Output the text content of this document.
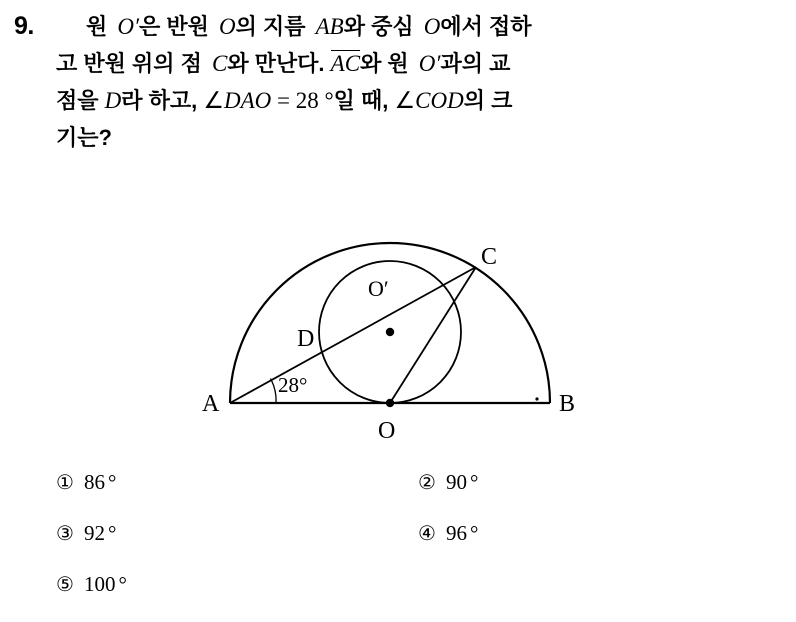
9.	원 O′은 반원 O의 지름 AB와 중심 O에서 접하
고 반원 위의 점 C와 만난다. AC와 원 O′과의 교
점을 D라 하고, ∠DAO = 28 °일 때, ∠COD의 크
기는?
A	B
C
D
O
O′
28°
① 86 °	② 90 °
③ 92 °	④ 96 °
⑤ 100 °
